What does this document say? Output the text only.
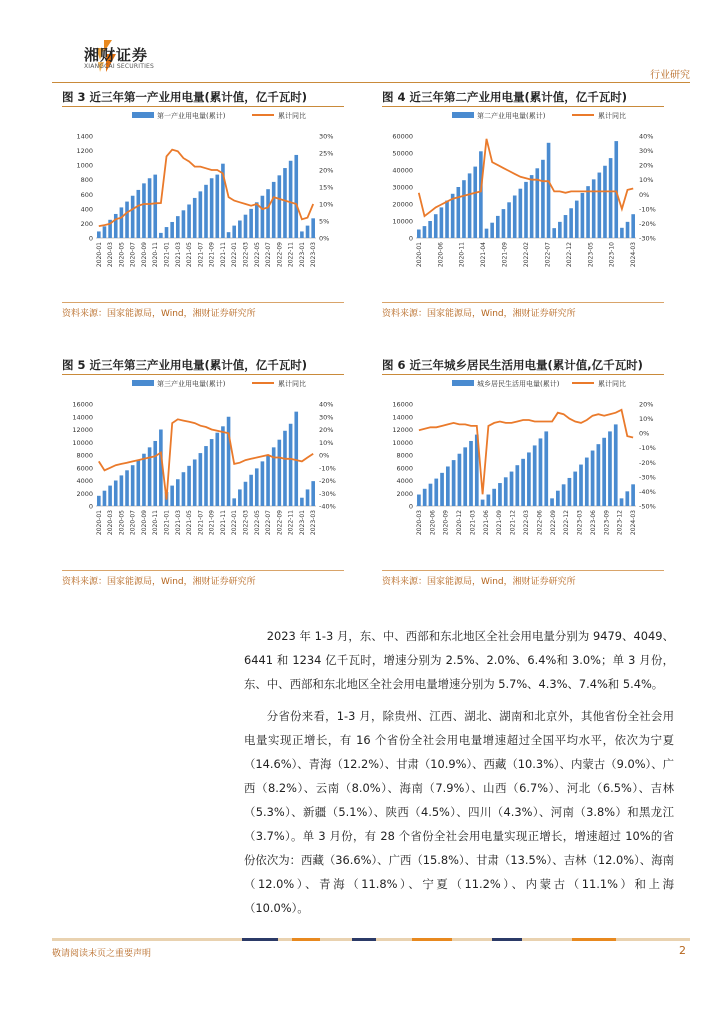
湘财证券
XIANGCAI SECURITIES
行业研究
图 3 近三年第一产业用电量(累计值，亿千瓦时)
第一产业用电量(累计)	累计同比
0
200
400
600
800
1000
1200
1400
0%
5%
10%
15%
20%
25%
30%
2020-01 2020-03 2020-05 2020-07 2020-09 2020-11 2021-01 2021-03 2021-05 2021-07 2021-09 2021-11 2022-01 2022-03 2022-05 2022-07 2022-09 2022-11 2023-01 2023-03
资料来源：国家能源局，Wind，湘财证券研究所
图 4 近三年第二产业用电量(累计值，亿千瓦时)
第二产业用电量(累计)	累计同比
0
10000
20000
30000
40000
50000
60000
-30%
-20%
-10%
0%
10%
20%
30%
40%
2020-01 2020-06 2020-11 2021-04 2021-09 2022-02 2022-07 2022-12 2023-05 2023-10 2024-03
资料来源：国家能源局，Wind，湘财证券研究所
图 5 近三年第三产业用电量(累计值，亿千瓦时)
第三产业用电量(累计)	累计同比
0
2000
4000
6000
8000
10000
12000
14000
16000
-40%
-30%
-20%
-10%
0%
10%
20%
30%
40%
2020-01 2020-03 2020-05 2020-07 2020-09 2020-11 2021-01 2021-03 2021-05 2021-07 2021-09 2021-11 2022-01 2022-03 2022-05 2022-07 2022-09 2022-11 2023-01 2023-03
资料来源：国家能源局，Wind，湘财证券研究所
图 6 近三年城乡居民生活用电量(累计值,亿千瓦时)
城乡居民生活用电量(累计)	累计同比
0
2000
4000
6000
8000
10000
12000
14000
16000
-50%
-40%
-30%
-20%
-10%
0%
10%
20%
2020-03 2020-06 2020-09 2020-12 2021-03 2021-06 2021-09 2021-12 2022-03 2022-06 2022-09 2022-12 2023-03 2023-06 2023-09 2023-12 2024-03
资料来源：国家能源局，Wind，湘财证券研究所

2023 年 1-3 月，东、中、西部和东北地区全社会用电量分别为 9479、4049、6441 和 1234 亿千瓦时，增速分别为 2.5%、2.0%、6.4%和 3.0%；单 3 月份，东、中、西部和东北地区全社会用电量增速分别为 5.7%、4.3%、7.4%和 5.4%。

分省份来看，1-3 月，除贵州、江西、湖北、湖南和北京外，其他省份全社会用电量实现正增长，有 16 个省份全社会用电量增速超过全国平均水平，依次为宁夏（14.6%）、青海（12.2%）、甘肃（10.9%）、西藏（10.3%）、内蒙古（9.0%）、广西（8.2%）、云南（8.0%）、海南（7.9%）、山西（6.7%）、河北（6.5%）、吉林（5.3%）、新疆（5.1%）、陕西（4.5%）、四川（4.3%）、河南（3.8%）和黑龙江（3.7%）。单 3 月份，有 28 个省份全社会用电量实现正增长，增速超过 10%的省份依次为：西藏（36.6%）、广西（15.8%）、甘肃（13.5%）、吉林（12.0%）、海南（12.0%）、青海（11.8%）、宁夏（11.2%）、内蒙古（11.1%）和上海（10.0%）。

敬请阅读末页之重要声明	2
